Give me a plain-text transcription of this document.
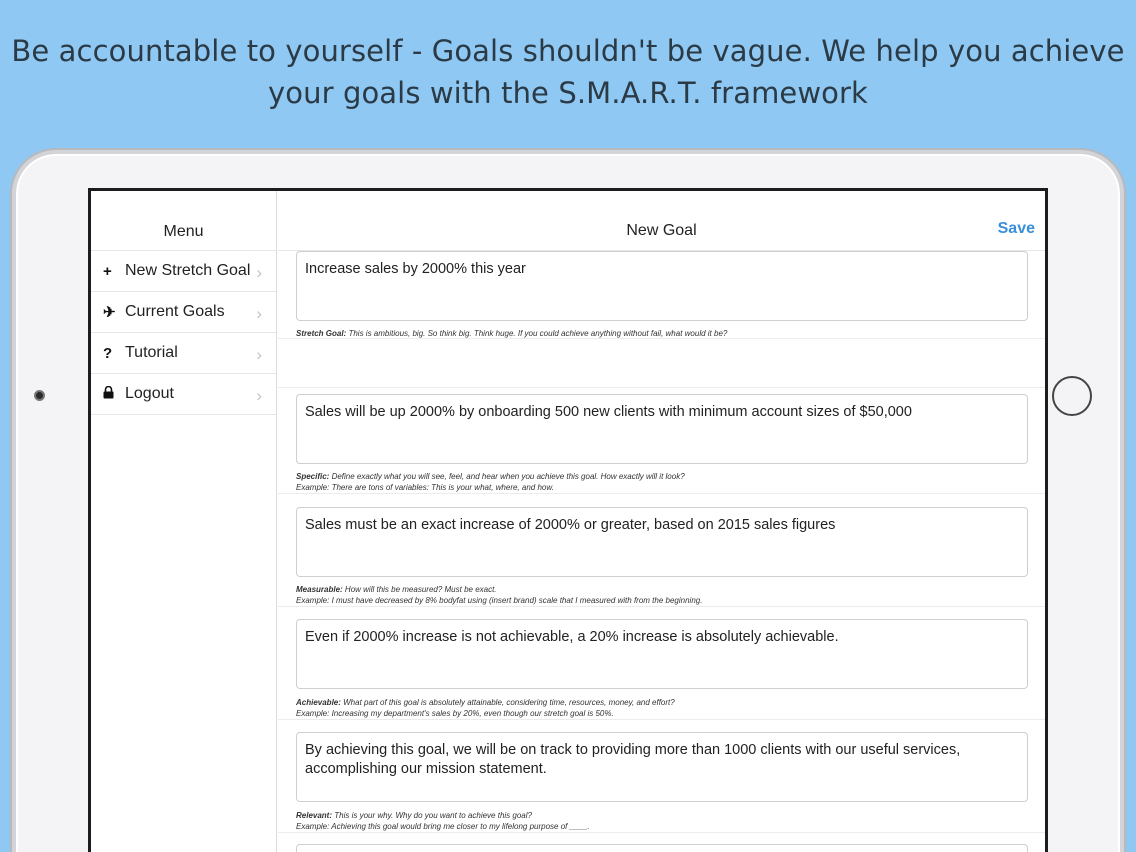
Be accountable to yourself - Goals shouldn't be vague. We help you achieve your goals with the S.M.A.R.T. framework
Menu
+ New Stretch Goal ›
✈ Current Goals ›
? Tutorial	›
Logout	›
New Goal	Save
Increase sales by 2000% this year
Stretch Goal: This is ambitious, big. So think big. Think huge. If you could achieve anything without fail, what would it be?
Sales will be up 2000% by onboarding 500 new clients with minimum account sizes of $50,000
Specific: Define exactly what you will see, feel, and hear when you achieve this goal. How exactly will it look?
Example: There are tons of variables: This is your what, where, and how.
Sales must be an exact increase of 2000% or greater, based on 2015 sales figures
Measurable: How will this be measured? Must be exact.
Example: I must have decreased by 8% bodyfat using (insert brand) scale that I measured with from the beginning.
Even if 2000% increase is not achievable, a 20% increase is absolutely achievable.
Achievable: What part of this goal is absolutely attainable, considering time, resources, money, and effort?
Example: Increasing my department's sales by 20%, even though our stretch goal is 50%.
By achieving this goal, we will be on track to providing more than 1000 clients with our useful services, accomplishing our mission statement.
Relevant: This is your why. Why do you want to achieve this goal?
Example: Achieving this goal would bring me closer to my lifelong purpose of ____.
